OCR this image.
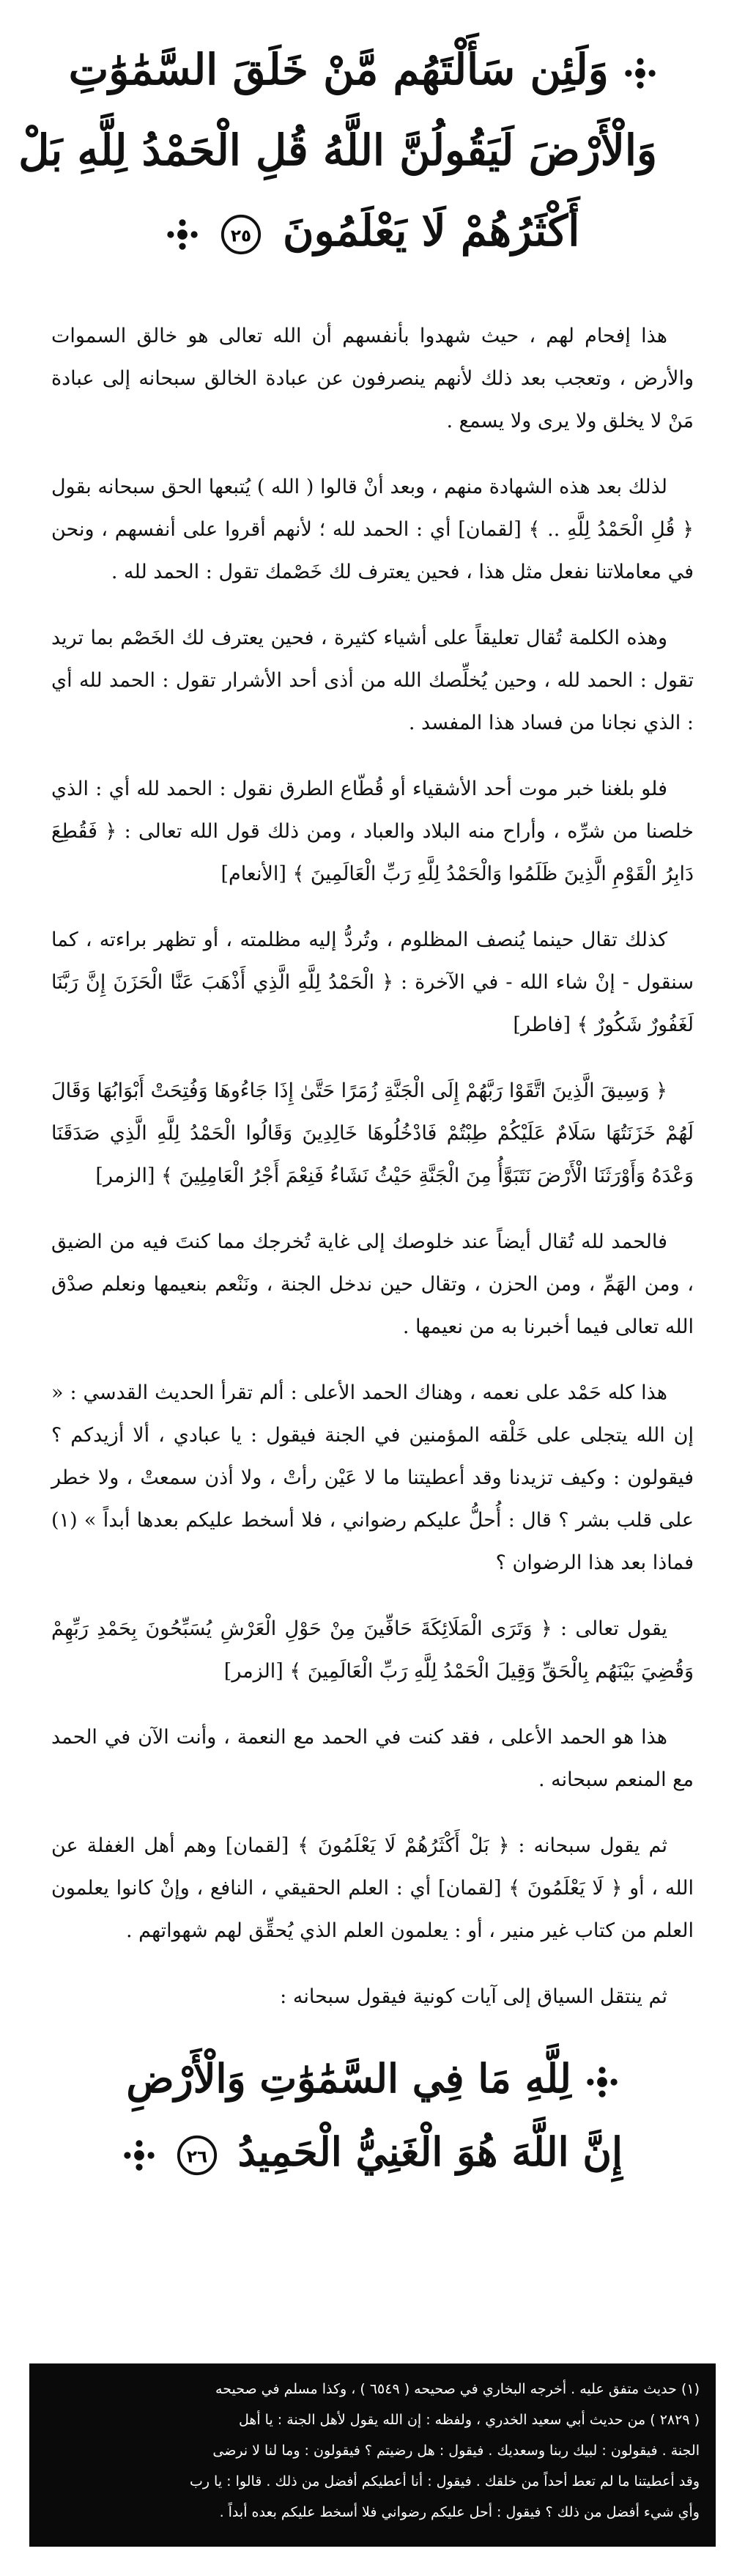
وَلَئِن سَأَلْتَهُم مَّنْ خَلَقَ السَّمَٰوَٰتِ
وَالْأَرْضَ لَيَقُولُنَّ اللَّهُ قُلِ الْحَمْدُ لِلَّهِ بَلْ
أَكْثَرُهُمْ لَا يَعْلَمُونَ
٢٥

هذا إفحام لهم ، حيث شهدوا بأنفسهم أن الله تعالى هو خالق السموات والأرض ، وتعجب بعد ذلك لأنهم ينصرفون عن عبادة الخالق سبحانه إلى عبادة مَنْ لا يخلق ولا يرى ولا يسمع .

لذلك بعد هذه الشهادة منهم ، وبعد أنْ قالوا ( الله ) يُتبعها الحق سبحانه بقول ﴿ قُلِ الْحَمْدُ لِلَّهِ .. ﴾ [لقمان] أي : الحمد لله ؛ لأنهم أقروا على أنفسهم ، ونحن في معاملاتنا نفعل مثل هذا ، فحين يعترف لك خَصْمك تقول : الحمد لله .

وهذه الكلمة تُقال تعليقاً على أشياء كثيرة ، فحين يعترف لك الخَصْم بما تريد تقول : الحمد لله ، وحين يُخلِّصك الله من أذى أحد الأشرار تقول : الحمد لله أي : الذي نجانا من فساد هذا المفسد .

فلو بلغنا خبر موت أحد الأشقياء أو قُطّاع الطرق نقول : الحمد لله أي : الذي خلصنا من شرِّه ، وأراح منه البلاد والعباد ، ومن ذلك قول الله تعالى : ﴿ فَقُطِعَ دَابِرُ الْقَوْمِ الَّذِينَ ظَلَمُوا وَالْحَمْدُ لِلَّهِ رَبِّ الْعَالَمِينَ ﴾ [الأنعام]

كذلك تقال حينما يُنصف المظلوم ، وتُردُّ إليه مظلمته ، أو تظهر براءته ، كما سنقول - إنْ شاء الله - في الآخرة : ﴿ الْحَمْدُ لِلَّهِ الَّذِي أَذْهَبَ عَنَّا الْحَزَنَ إِنَّ رَبَّنَا لَغَفُورٌ شَكُورٌ ﴾ [فاطر]

﴿ وَسِيقَ الَّذِينَ اتَّقَوْا رَبَّهُمْ إِلَى الْجَنَّةِ زُمَرًا حَتَّىٰ إِذَا جَاءُوهَا وَفُتِحَتْ أَبْوَابُهَا وَقَالَ لَهُمْ خَزَنَتُهَا سَلَامٌ عَلَيْكُمْ طِبْتُمْ فَادْخُلُوهَا خَالِدِينَ وَقَالُوا الْحَمْدُ لِلَّهِ الَّذِي صَدَقَنَا وَعْدَهُ وَأَوْرَثَنَا الْأَرْضَ نَتَبَوَّأُ مِنَ الْجَنَّةِ حَيْثُ نَشَاءُ فَنِعْمَ أَجْرُ الْعَامِلِينَ ﴾ [الزمر]

فالحمد لله تُقال أيضاً عند خلوصك إلى غاية تُخرجك مما كنتَ فيه من الضيق ، ومن الهَمِّ ، ومن الحزن ، وتقال حين ندخل الجنة ، ونَنْعم بنعيمها ونعلم صدْق الله تعالى فيما أخبرنا به من نعيمها .

هذا كله حَمْد على نعمه ، وهناك الحمد الأعلى : ألم تقرأ الحديث القدسي : « إن الله يتجلى على خَلْقه المؤمنين في الجنة فيقول : يا عبادي ، ألا أزيدكم ؟ فيقولون : وكيف تزيدنا وقد أعطيتنا ما لا عَيْن رأتْ ، ولا أذن سمعتْ ، ولا خطر على قلب بشر ؟ قال : أُحلُّ عليكم رضواني ، فلا أسخط عليكم بعدها أبداً » (١) فماذا بعد هذا الرضوان ؟

يقول تعالى : ﴿ وَتَرَى الْمَلَائِكَةَ حَافِّينَ مِنْ حَوْلِ الْعَرْشِ يُسَبِّحُونَ بِحَمْدِ رَبِّهِمْ وَقُضِيَ بَيْنَهُم بِالْحَقِّ وَقِيلَ الْحَمْدُ لِلَّهِ رَبِّ الْعَالَمِينَ ﴾ [الزمر]

هذا هو الحمد الأعلى ، فقد كنت في الحمد مع النعمة ، وأنت الآن في الحمد مع المنعم سبحانه .

ثم يقول سبحانه : ﴿ بَلْ أَكْثَرُهُمْ لَا يَعْلَمُونَ ﴾ [لقمان] وهم أهل الغفلة عن الله ، أو ﴿ لَا يَعْلَمُونَ ﴾ [لقمان] أي : العلم الحقيقي ، النافع ، وإنْ كانوا يعلمون العلم من كتاب غير منير ، أو : يعلمون العلم الذي يُحقِّق لهم شهواتهم .

ثم ينتقل السياق إلى آيات كونية فيقول سبحانه :

لِلَّهِ مَا فِي السَّمَٰوَٰتِ وَالْأَرْضِ
إِنَّ اللَّهَ هُوَ الْغَنِيُّ الْحَمِيدُ
٢٦

(١) حديث متفق عليه . أخرجه البخاري في صحيحه ( ٦٥٤٩ ) ، وكذا مسلم في صحيحه
( ٢٨٢٩ ) من حديث أبي سعيد الخدري ، ولفظه : إن الله يقول لأهل الجنة : يا أهل
الجنة . فيقولون : لبيك ربنا وسعديك . فيقول : هل رضيتم ؟ فيقولون : وما لنا لا نرضى
وقد أعطيتنا ما لم تعط أحداً من خلقك . فيقول : أنا أعطيكم أفضل من ذلك . قالوا : يا رب
وأي شيء أفضل من ذلك ؟ فيقول : أحل عليكم رضواني فلا أسخط عليكم بعده أبداً .
